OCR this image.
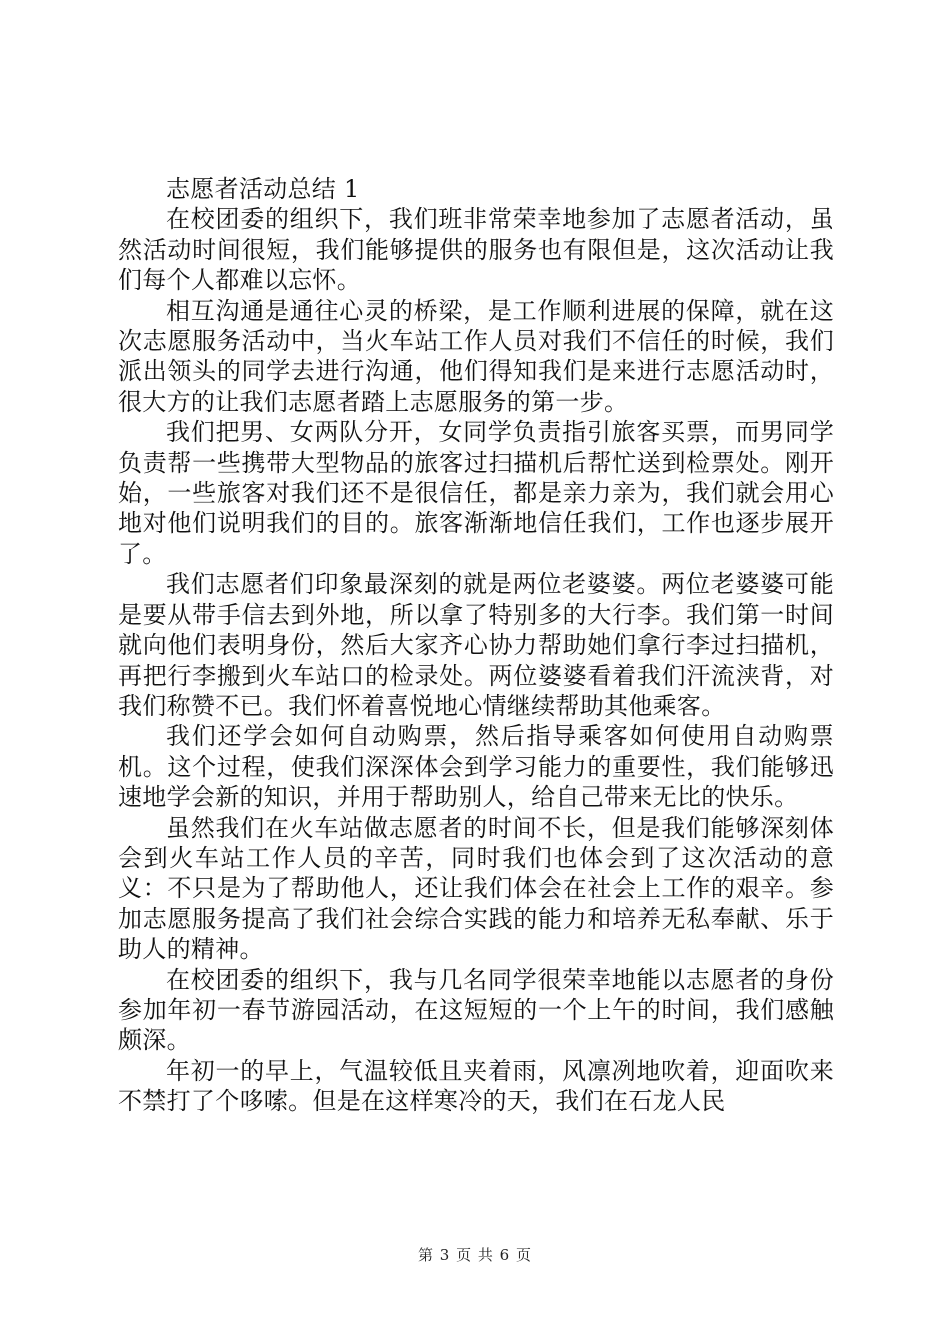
志愿者活动总结 1

在校团委的组织下，我们班非常荣幸地参加了志愿者活动，虽然活动时间很短，我们能够提供的服务也有限但是，这次活动让我们每个人都难以忘怀。

相互沟通是通往心灵的桥梁，是工作顺利进展的保障，就在这次志愿服务活动中，当火车站工作人员对我们不信任的时候，我们派出领头的同学去进行沟通，他们得知我们是来进行志愿活动时，很大方的让我们志愿者踏上志愿服务的第一步。

我们把男、女两队分开，女同学负责指引旅客买票，而男同学负责帮一些携带大型物品的旅客过扫描机后帮忙送到检票处。刚开始，一些旅客对我们还不是很信任，都是亲力亲为，我们就会用心地对他们说明我们的目的。旅客渐渐地信任我们，工作也逐步展开了。

我们志愿者们印象最深刻的就是两位老婆婆。两位老婆婆可能是要从带手信去到外地，所以拿了特别多的大行李。我们第一时间就向他们表明身份，然后大家齐心协力帮助她们拿行李过扫描机，再把行李搬到火车站口的检录处。两位婆婆看着我们汗流浃背，对我们称赞不已。我们怀着喜悦地心情继续帮助其他乘客。

我们还学会如何自动购票，然后指导乘客如何使用自动购票机。这个过程，使我们深深体会到学习能力的重要性，我们能够迅速地学会新的知识，并用于帮助别人，给自己带来无比的快乐。

虽然我们在火车站做志愿者的时间不长，但是我们能够深刻体会到火车站工作人员的辛苦，同时我们也体会到了这次活动的意义：不只是为了帮助他人，还让我们体会在社会上工作的艰辛。参加志愿服务提高了我们社会综合实践的能力和培养无私奉献、乐于助人的精神。

在校团委的组织下，我与几名同学很荣幸地能以志愿者的身份参加年初一春节游园活动，在这短短的一个上午的时间，我们感触颇深。

年初一的早上，气温较低且夹着雨，风凛冽地吹着，迎面吹来不禁打了个哆嗦。但是在这样寒冷的天，我们在石龙人民

第 3 页 共 6 页
